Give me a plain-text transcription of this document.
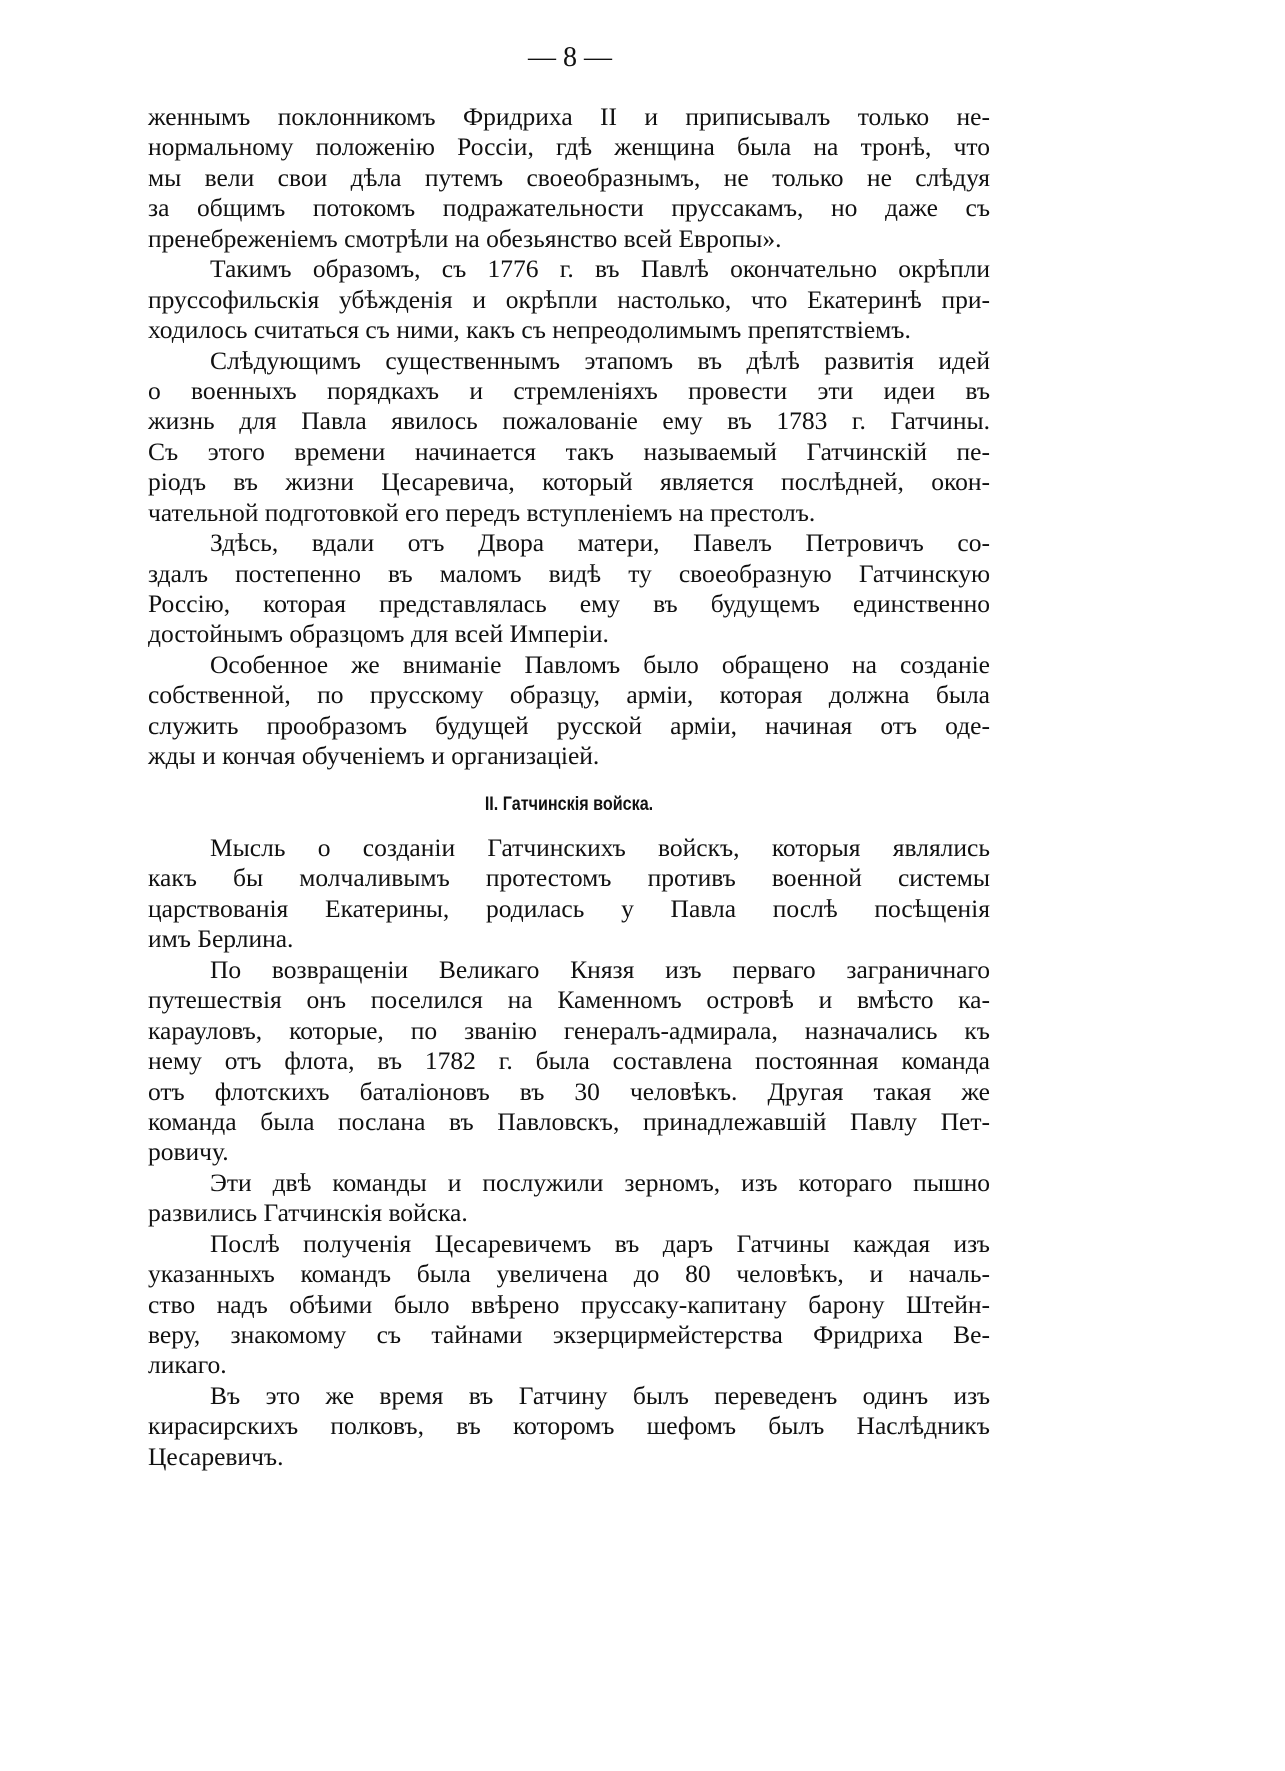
— 8 —
женнымъ поклонникомъ Фридриха II и приписывалъ только не-
нормальному положенію Россіи, гдѣ женщина была на тронѣ, что
мы вели свои дѣла путемъ своеобразнымъ, не только не слѣдуя
за общимъ потокомъ подражательности пруссакамъ, но даже съ
пренебреженіемъ смотрѣли на обезьянство всей Европы».
Такимъ образомъ, съ 1776 г. въ Павлѣ окончательно окрѣпли
пруссофильскія убѣжденія и окрѣпли настолько, что Екатеринѣ при-
ходилось считаться съ ними, какъ съ непреодолимымъ препятствіемъ.
Слѣдующимъ существеннымъ этапомъ въ дѣлѣ развитія идей
о военныхъ порядкахъ и стремленіяхъ провести эти идеи въ
жизнь для Павла явилось пожалованіе ему въ 1783 г. Гатчины.
Съ этого времени начинается такъ называемый Гатчинскій пе-
ріодъ въ жизни Цесаревича, который является послѣдней, окон-
чательной подготовкой его передъ вступленіемъ на престолъ.
Здѣсь, вдали отъ Двора матери, Павелъ Петровичъ со-
здалъ постепенно въ маломъ видѣ ту своеобразную Гатчинскую
Россію, которая представлялась ему въ будущемъ единственно
достойнымъ образцомъ для всей Имперіи.
Особенное же вниманіе Павломъ было обращено на созданіе
собственной, по прусскому образцу, арміи, которая должна была
служить прообразомъ будущей русской арміи, начиная отъ оде-
жды и кончая обученіемъ и организаціей.
II. Гатчинскія войска.
Мысль о созданіи Гатчинскихъ войскъ, которыя являлись
какъ бы молчаливымъ протестомъ противъ военной системы
царствованія Екатерины, родилась у Павла послѣ посѣщенія
имъ Берлина.
По возвращеніи Великаго Князя изъ перваго заграничнаго
путешествія онъ поселился на Каменномъ островѣ и вмѣсто ка-
карауловъ, которые, по званію генералъ-адмирала, назначались къ
нему отъ флота, въ 1782 г. была составлена постоянная команда
отъ флотскихъ баталіоновъ въ 30 человѣкъ. Другая такая же
команда была послана въ Павловскъ, принадлежавшій Павлу Пет-
ровичу.
Эти двѣ команды и послужили зерномъ, изъ котораго пышно
развились Гатчинскія войска.
Послѣ полученія Цесаревичемъ въ даръ Гатчины каждая изъ
указанныхъ командъ была увеличена до 80 человѣкъ, и началь-
ство надъ обѣими было ввѣрено пруссаку-капитану барону Штейн-
веру, знакомому съ тайнами экзерцирмейстерства Фридриха Ве-
ликаго.
Въ это же время въ Гатчину былъ переведенъ одинъ изъ
кирасирскихъ полковъ, въ которомъ шефомъ былъ Наслѣдникъ
Цесаревичъ.
